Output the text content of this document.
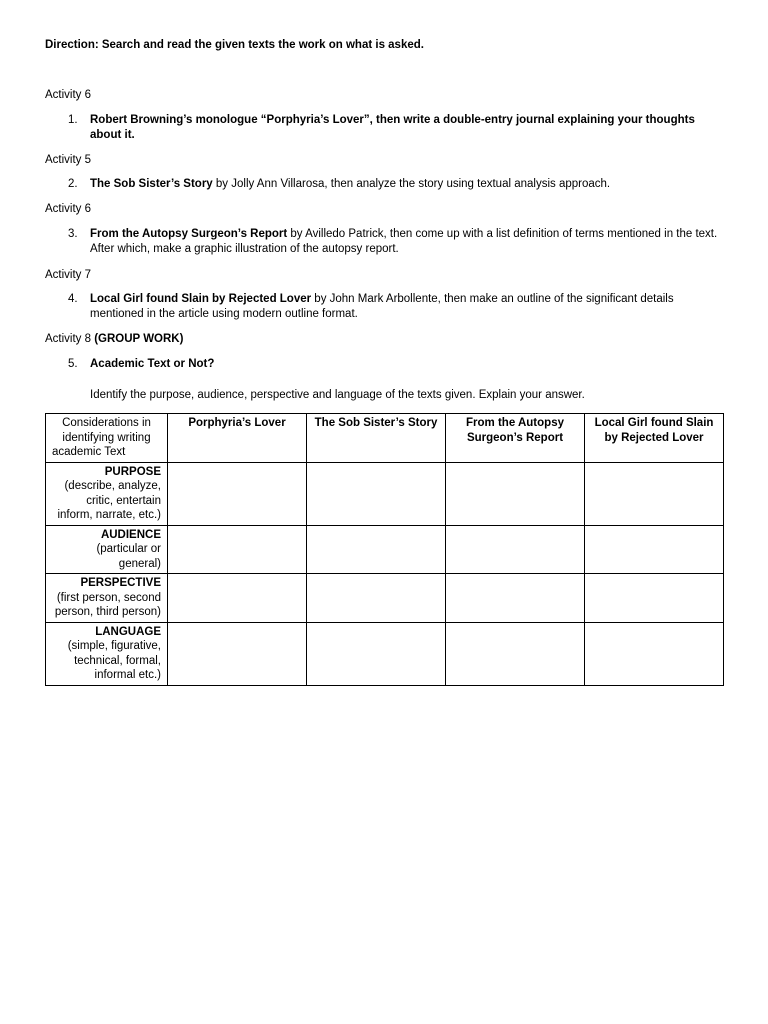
Direction: Search and read the given texts the work on what is asked.
Activity 6
1.	Robert Browning’s monologue “Porphyria’s Lover”, then write a double-entry journal explaining your thoughts about it.
Activity 5
2.	The Sob Sister’s Story by Jolly Ann Villarosa, then analyze the story using textual analysis approach.
Activity 6
3.	From the Autopsy Surgeon’s Report by Avilledo Patrick, then come up with a list definition of terms mentioned in the text. After which, make a graphic illustration of the autopsy report.
Activity 7
4.	Local Girl found Slain by Rejected Lover by John Mark Arbollente, then make an outline of the significant details mentioned in the article using modern outline format.
Activity 8 (GROUP WORK)
5.	Academic Text or Not?
Identify the purpose, audience, perspective and language of the texts given. Explain your answer.
Considerations in identifying writing academic Text	Porphyria’s Lover	The Sob Sister’s Story	From the Autopsy Surgeon’s Report	Local Girl found Slain by Rejected Lover

PURPOSE
(describe, analyze, critic, entertain inform, narrate, etc.)				

AUDIENCE
(particular or general)				

PERSPECTIVE
(first person, second person, third person)				

LANGUAGE
(simple, figurative, technical, formal, informal etc.)				
